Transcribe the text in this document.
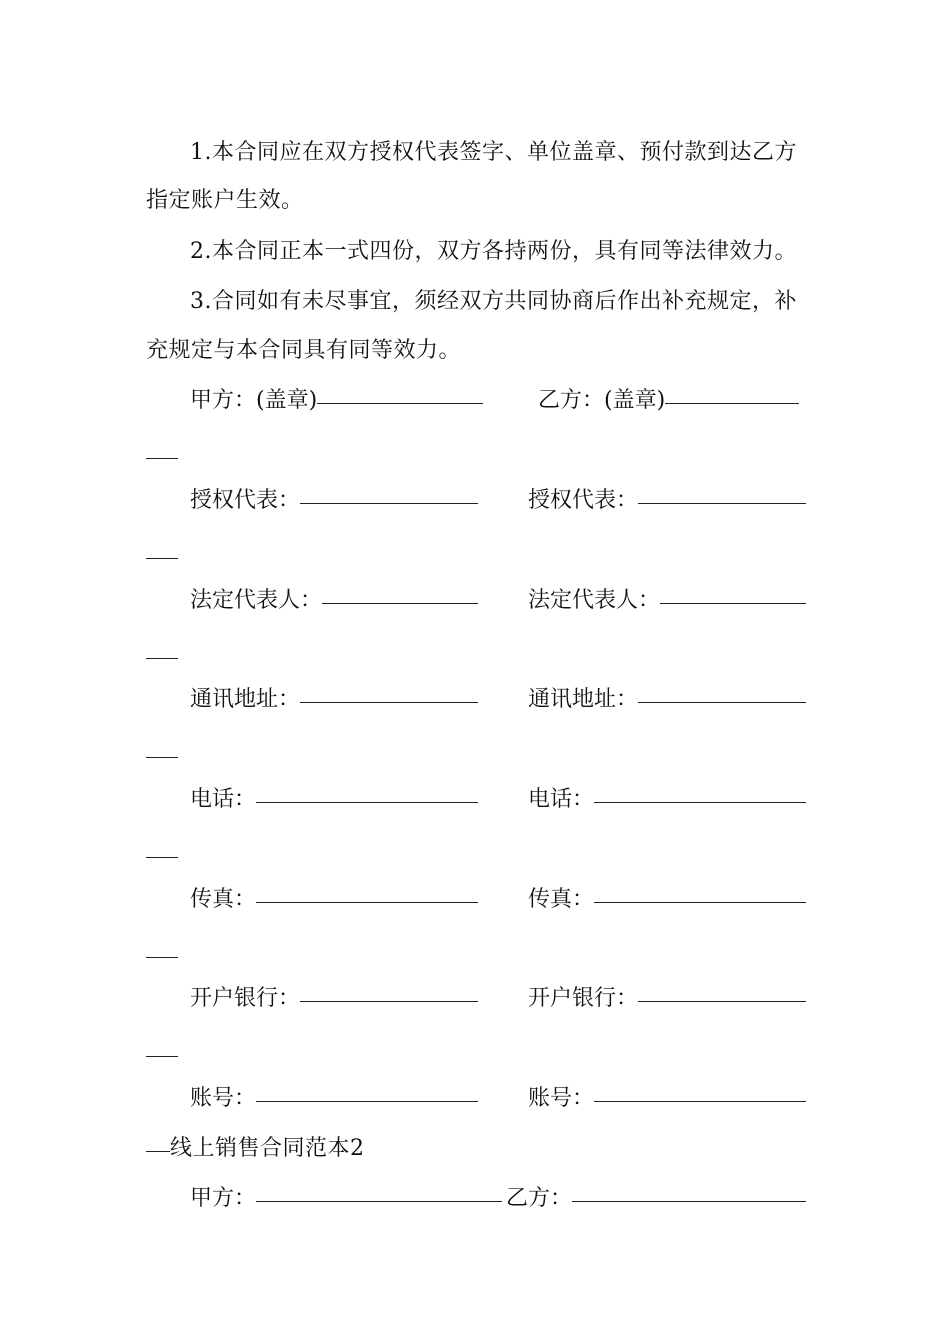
1.本合同应在双方授权代表签字、单位盖章、预付款到达乙方
指定账户生效。
2.本合同正本一式四份，双方各持两份，具有同等法律效力。
3.合同如有未尽事宜，须经双方共同协商后作出补充规定，补
充规定与本合同具有同等效力。
甲方：(盖章)	乙方：(盖章)
授权代表：	授权代表：
法定代表人：	法定代表人：
通讯地址：	通讯地址：
电话：	电话：
传真：	传真：
开户银行：	开户银行：
账号：	账号：
线上销售合同范本2
甲方：	乙方：
